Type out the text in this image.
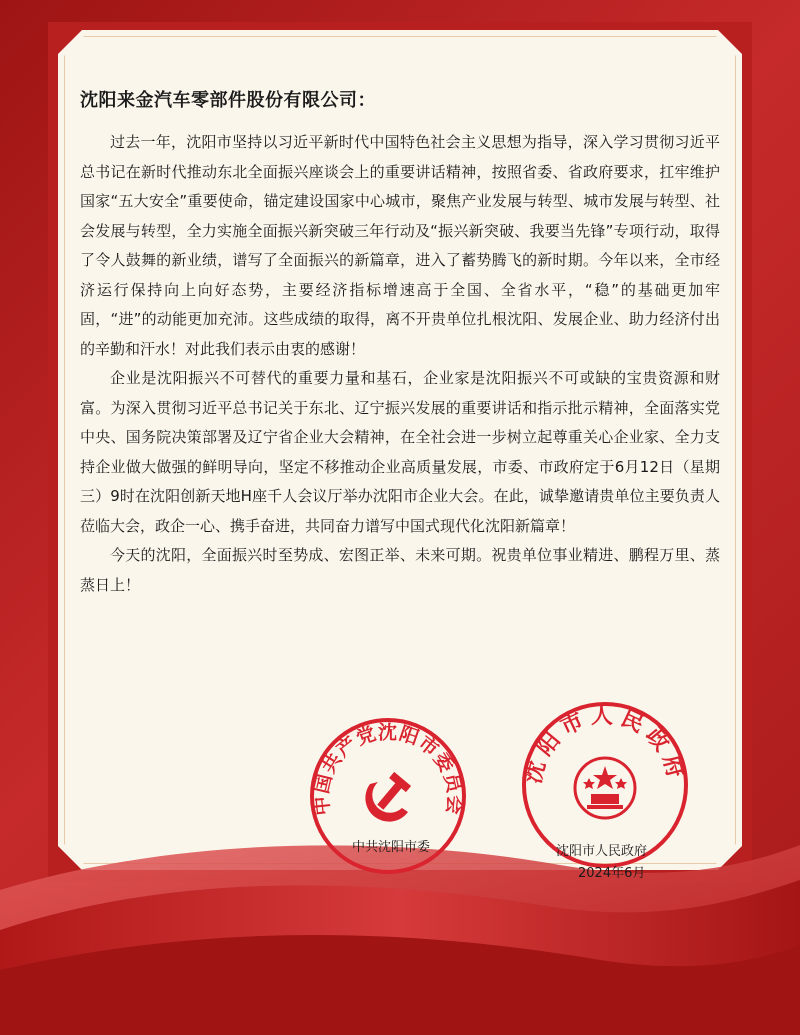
沈阳来金汽车零部件股份有限公司：

过去一年，沈阳市坚持以习近平新时代中国特色社会主义思想为指导，深入学习贯彻习近平总书记在新时代推动东北全面振兴座谈会上的重要讲话精神，按照省委、省政府要求，扛牢维护国家“五大安全”重要使命，锚定建设国家中心城市，聚焦产业发展与转型、城市发展与转型、社会发展与转型，全力实施全面振兴新突破三年行动及“振兴新突破、我要当先锋”专项行动，取得了令人鼓舞的新业绩，谱写了全面振兴的新篇章，进入了蓄势腾飞的新时期。今年以来，全市经济运行保持向上向好态势，主要经济指标增速高于全国、全省水平，“稳”的基础更加牢固，“进”的动能更加充沛。这些成绩的取得，离不开贵单位扎根沈阳、发展企业、助力经济付出的辛勤和汗水！对此我们表示由衷的感谢！

企业是沈阳振兴不可替代的重要力量和基石，企业家是沈阳振兴不可或缺的宝贵资源和财富。为深入贯彻习近平总书记关于东北、辽宁振兴发展的重要讲话和指示批示精神，全面落实党中央、国务院决策部署及辽宁省企业大会精神，在全社会进一步树立起尊重关心企业家、全力支持企业做大做强的鲜明导向，坚定不移推动企业高质量发展，市委、市政府定于6月12日（星期三）9时在沈阳创新天地H座千人会议厅举办沈阳市企业大会。在此，诚挚邀请贵单位主要负责人莅临大会，政企一心、携手奋进，共同奋力谱写中国式现代化沈阳新篇章！

今天的沈阳，全面振兴时至势成、宏图正举、未来可期。祝贵单位事业精进、鹏程万里、蒸蒸日上！

中国共产党沈阳市委员会
中共沈阳市委
沈阳市人民政府
沈阳市人民政府
2024年6月
